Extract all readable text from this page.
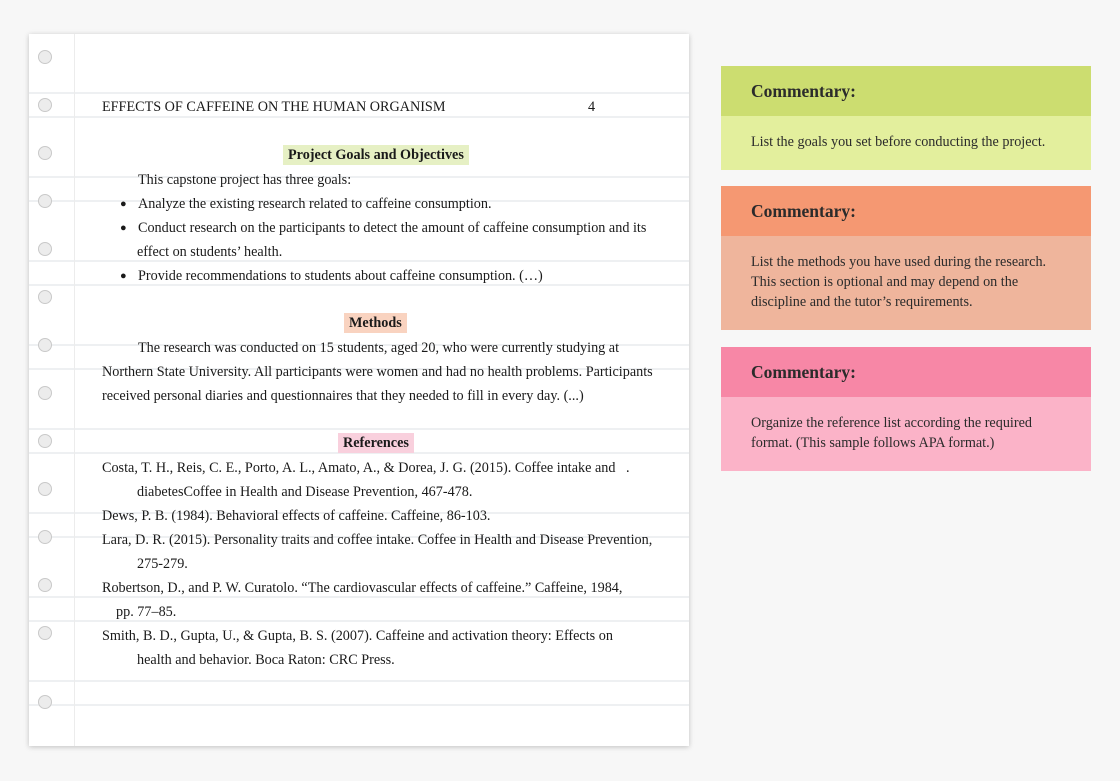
EFFECTS OF CAFFEINE ON THE HUMAN ORGANISM	4
Project Goals and Objectives
This capstone project has three goals:
● Analyze the existing research related to caffeine consumption.
● Conduct research on the participants to detect the amount of caffeine consumption and its
effect on students’ health.
● Provide recommendations to students about caffeine consumption. (…)
Methods
The research was conducted on 15 students, aged 20, who were currently studying at
Northern State University. All participants were women and had no health problems. Participants
received personal diaries and questionnaires that they needed to fill in every day. (...)
References
Costa, T. H., Reis, C. E., Porto, A. L., Amato, A., & Dorea, J. G. (2015). Coffee intake and .
diabetesCoffee in Health and Disease Prevention, 467-478.
Dews, P. B. (1984). Behavioral effects of caffeine. Caffeine, 86-103.
Lara, D. R. (2015). Personality traits and coffee intake. Coffee in Health and Disease Prevention,
275-279.
Robertson, D., and P. W. Curatolo. “The cardiovascular effects of caffeine.” Caffeine, 1984,
pp. 77–85.
Smith, B. D., Gupta, U., & Gupta, B. S. (2007). Caffeine and activation theory: Effects on
health and behavior. Boca Raton: CRC Press.
Commentary:
List the goals you set before conducting the project.
Commentary:
List the methods you have used during the research. This section is optional and may depend on the discipline and the tutor’s requirements.
Commentary:
Organize the reference list according the required format. (This sample follows APA format.)
